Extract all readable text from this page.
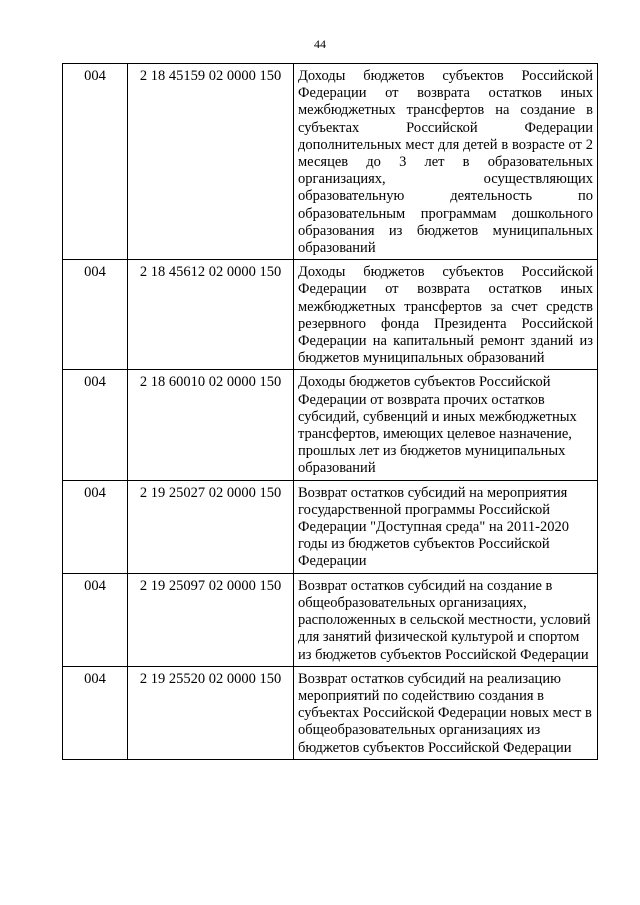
44
004	2 18 45159 02 0000 150	Доходы бюджетов субъектов Российской Федерации от возврата остатков иных межбюджетных трансфертов на создание в субъектах Российской Федерации дополнительных мест для детей в возрасте от 2 месяцев до 3 лет в образовательных организациях, осуществляющих образовательную деятельность по образовательным программам дошкольного образования из бюджетов муниципальных образований
004	2 18 45612 02 0000 150	Доходы бюджетов субъектов Российской Федерации от возврата остатков иных межбюджетных трансфертов за счет средств резервного фонда Президента Российской Федерации на капитальный ремонт зданий из бюджетов муниципальных образований
004	2 18 60010 02 0000 150	Доходы бюджетов субъектов Российской Федерации от возврата прочих остатков субсидий, субвенций и иных межбюджетных трансфертов, имеющих целевое назначение, прошлых лет из бюджетов муниципальных образований
004	2 19 25027 02 0000 150	Возврат остатков субсидий на мероприятия государственной программы Российской Федерации "Доступная среда" на 2011-2020 годы из бюджетов субъектов Российской Федерации
004	2 19 25097 02 0000 150	Возврат остатков субсидий на создание в общеобразовательных организациях, расположенных в сельской местности, условий для занятий физической культурой и спортом из бюджетов субъектов Российской Федерации
004	2 19 25520 02 0000 150	Возврат остатков субсидий на реализацию мероприятий по содействию создания в субъектах Российской Федерации новых мест в общеобразовательных организациях из бюджетов субъектов Российской Федерации
